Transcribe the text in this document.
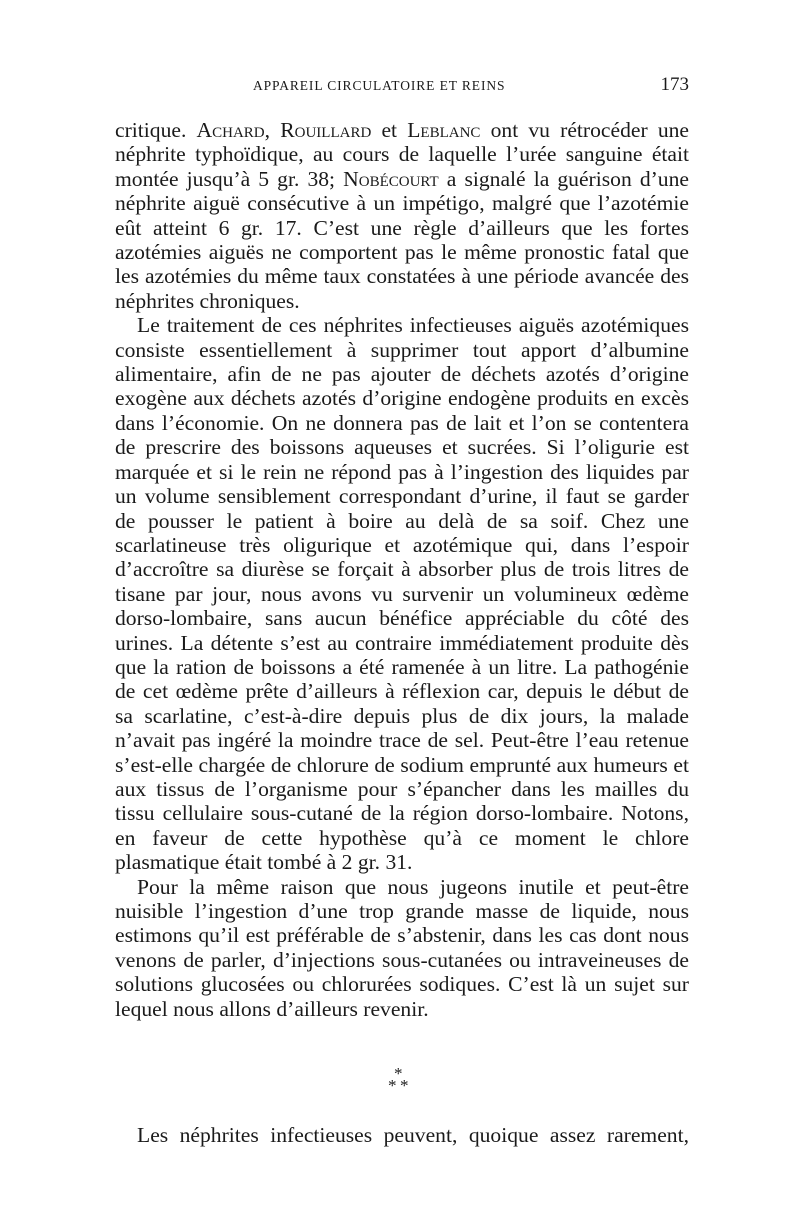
APPAREIL CIRCULATOIRE ET REINS	173

critique. Achard, Rouillard et Leblanc ont vu rétrocéder une néphrite typhoïdique, au cours de laquelle l’urée sanguine était montée jusqu’à 5 gr. 38; Nobécourt a signalé la guérison d’une néphrite aiguë consécutive à un impétigo, malgré que l’azotémie eût atteint 6 gr. 17. C’est une règle d’ailleurs que les fortes azotémies aiguës ne comportent pas le même pronostic fatal que les azotémies du même taux constatées à une période avancée des néphrites chroniques.

Le traitement de ces néphrites infectieuses aiguës azotémiques consiste essentiellement à supprimer tout apport d’albumine alimentaire, afin de ne pas ajouter de déchets azotés d’origine exogène aux déchets azotés d’origine endogène produits en excès dans l’économie. On ne donnera pas de lait et l’on se contentera de prescrire des boissons aqueuses et sucrées. Si l’oligurie est marquée et si le rein ne répond pas à l’ingestion des liquides par un volume sensiblement correspondant d’urine, il faut se garder de pousser le patient à boire au delà de sa soif. Chez une scarlatineuse très oligurique et azotémique qui, dans l’espoir d’accroître sa diurèse se forçait à absorber plus de trois litres de tisane par jour, nous avons vu survenir un volumineux œdème dorso-lombaire, sans aucun bénéfice appréciable du côté des urines. La détente s’est au contraire immédiatement produite dès que la ration de boissons a été ramenée à un litre. La pathogénie de cet œdème prête d’ailleurs à réflexion car, depuis le début de sa scarlatine, c’est-à-dire depuis plus de dix jours, la malade n’avait pas ingéré la moindre trace de sel. Peut-être l’eau retenue s’est-elle chargée de chlorure de sodium emprunté aux humeurs et aux tissus de l’organisme pour s’épancher dans les mailles du tissu cellulaire sous-cutané de la région dorso-lombaire. Notons, en faveur de cette hypothèse qu’à ce moment le chlore plasmatique était tombé à 2 gr. 31.

Pour la même raison que nous jugeons inutile et peut-être nuisible l’ingestion d’une trop grande masse de liquide, nous estimons qu’il est préférable de s’abstenir, dans les cas dont nous venons de parler, d’injections sous-cutanées ou intraveineuses de solutions glucosées ou chlorurées sodiques. C’est là un sujet sur lequel nous allons d’ailleurs revenir.

*
* *

Les néphrites infectieuses peuvent, quoique assez rarement,
